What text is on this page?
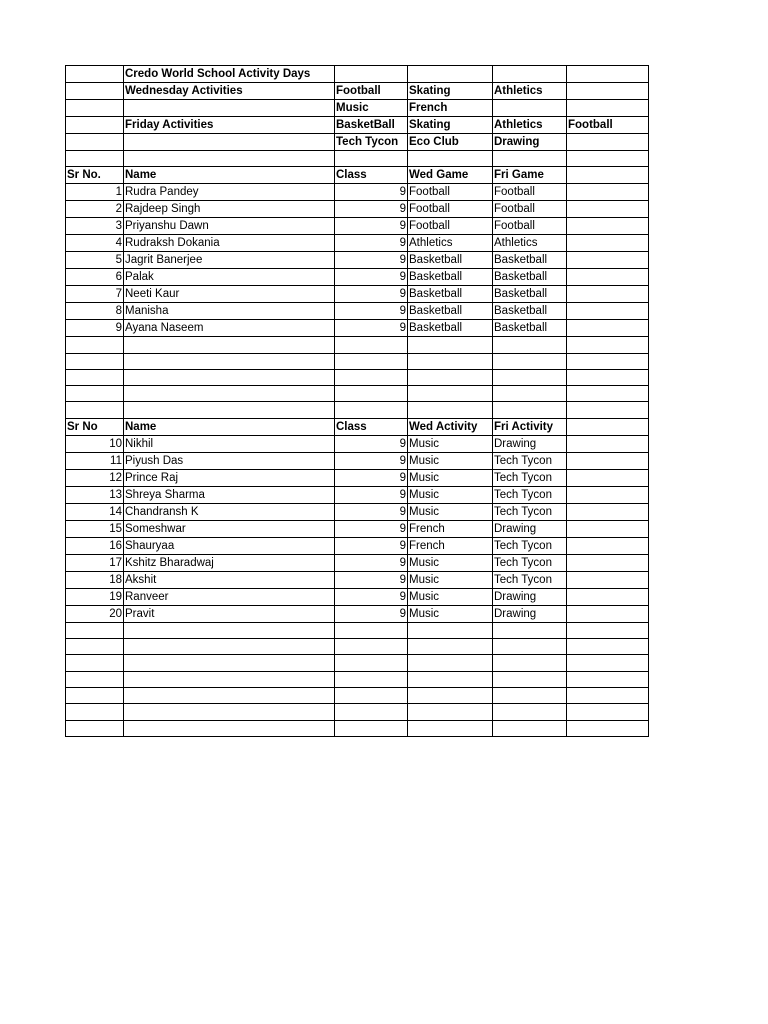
	Credo World School Activity Days				
	Wednesday Activities	Football	Skating	Athletics	
		Music	French		
	Friday Activities	BasketBall	Skating	Athletics	Football
		Tech Tycon	Eco Club	Drawing	

Sr No.	Name	Class	Wed Game	Fri Game	
1	Rudra Pandey	9	Football	Football	
2	Rajdeep Singh	9	Football	Football	
3	Priyanshu Dawn	9	Football	Football	
4	Rudraksh Dokania	9	Athletics	Athletics	
5	Jagrit Banerjee	9	Basketball	Basketball	
6	Palak	9	Basketball	Basketball	
7	Neeti Kaur	9	Basketball	Basketball	
8	Manisha	9	Basketball	Basketball	
9	Ayana Naseem	9	Basketball	Basketball	

Sr No	Name	Class	Wed Activity	Fri Activity	
10	Nikhil	9	Music	Drawing	
11	Piyush Das	9	Music	Tech Tycon	
12	Prince Raj	9	Music	Tech Tycon	
13	Shreya Sharma	9	Music	Tech Tycon	
14	Chandransh K	9	Music	Tech Tycon	
15	Someshwar	9	French	Drawing	
16	Shauryaa	9	French	Tech Tycon	
17	Kshitz Bharadwaj	9	Music	Tech Tycon	
18	Akshit	9	Music	Tech Tycon	
19	Ranveer	9	Music	Drawing	
20	Pravit	9	Music	Drawing	
